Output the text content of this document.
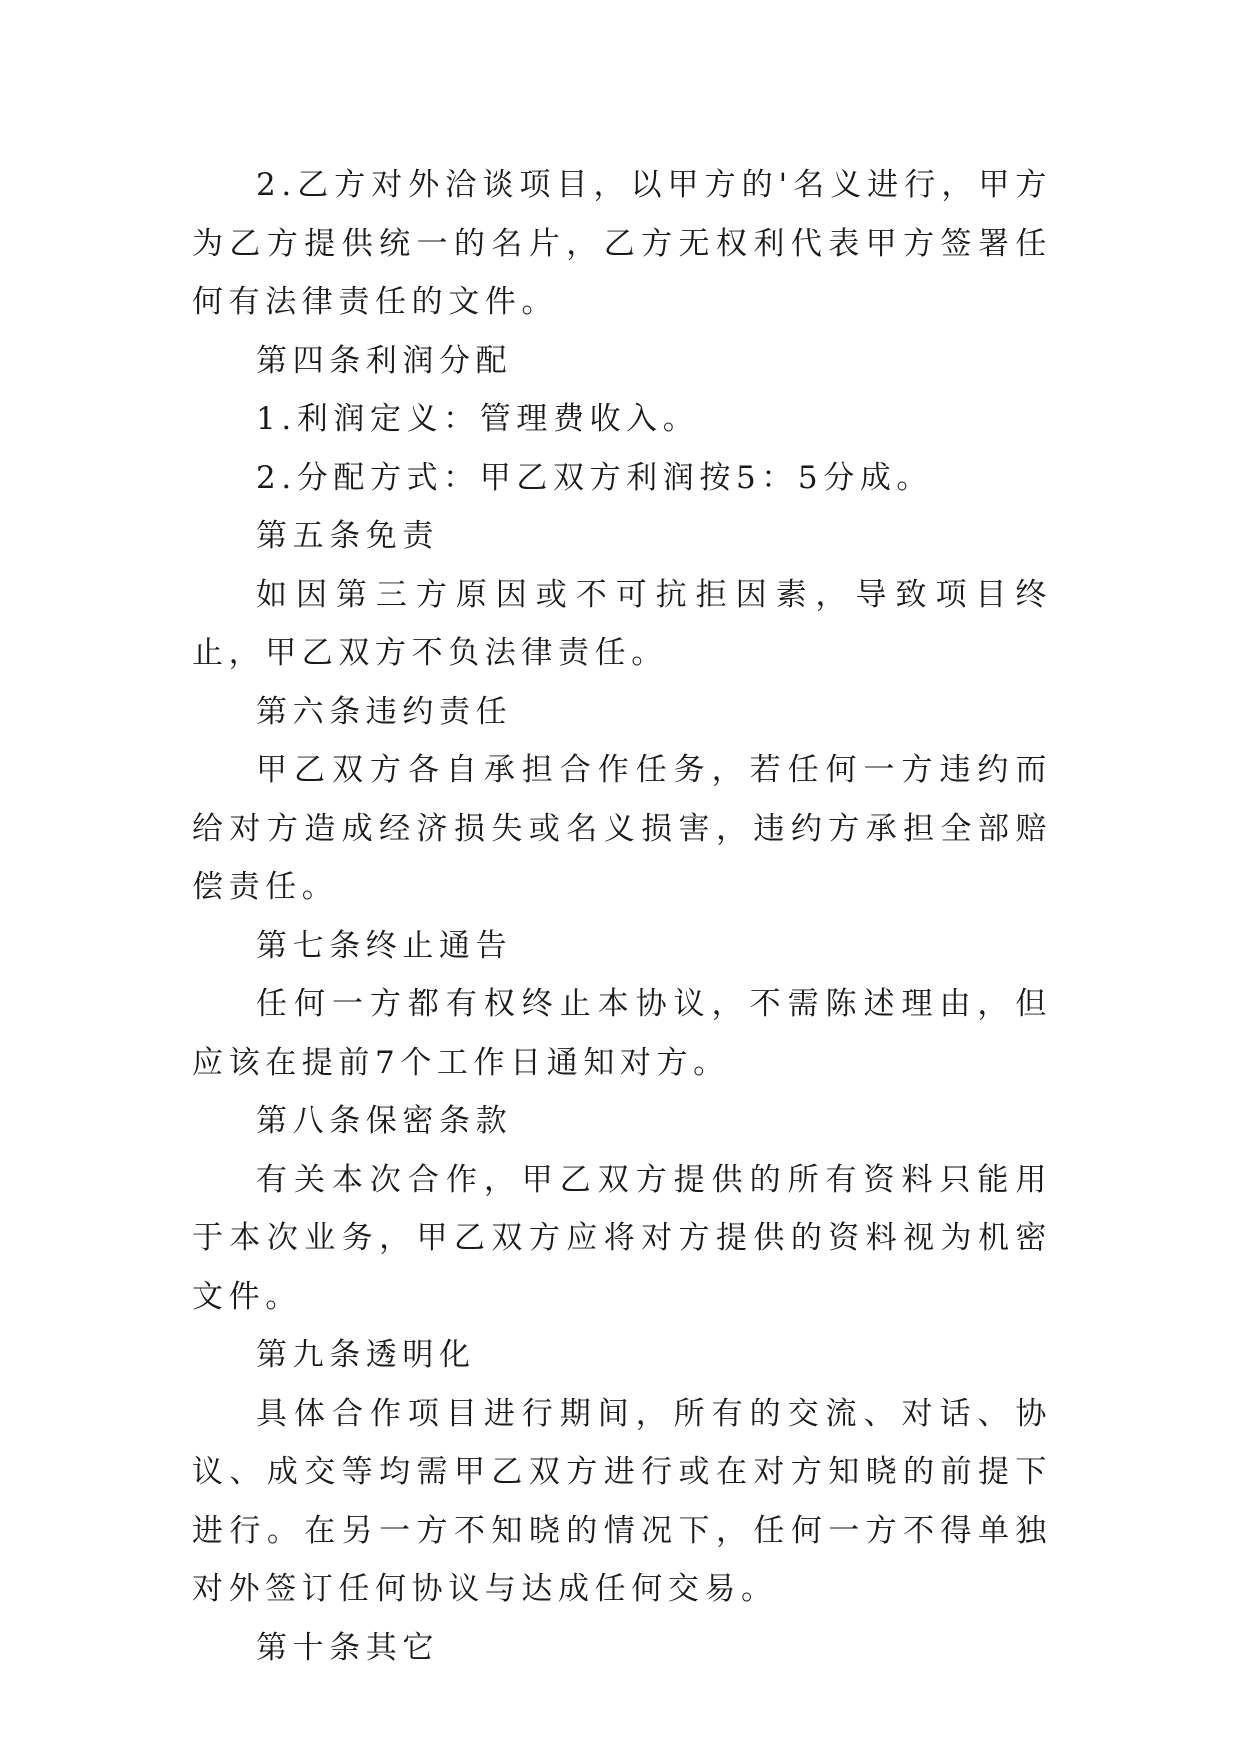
2.乙方对外洽谈项目，以甲方的'名义进行，甲方为乙方提供统一的名片，乙方无权利代表甲方签署任何有法律责任的文件。

第四条利润分配

1.利润定义：管理费收入。

2.分配方式：甲乙双方利润按5：5分成。

第五条免责

如因第三方原因或不可抗拒因素，导致项目终止，甲乙双方不负法律责任。

第六条违约责任

甲乙双方各自承担合作任务，若任何一方违约而给对方造成经济损失或名义损害，违约方承担全部赔偿责任。

第七条终止通告

任何一方都有权终止本协议，不需陈述理由，但应该在提前7个工作日通知对方。

第八条保密条款

有关本次合作，甲乙双方提供的所有资料只能用于本次业务，甲乙双方应将对方提供的资料视为机密文件。

第九条透明化

具体合作项目进行期间，所有的交流、对话、协议、成交等均需甲乙双方进行或在对方知晓的前提下进行。在另一方不知晓的情况下，任何一方不得单独对外签订任何协议与达成任何交易。

第十条其它
